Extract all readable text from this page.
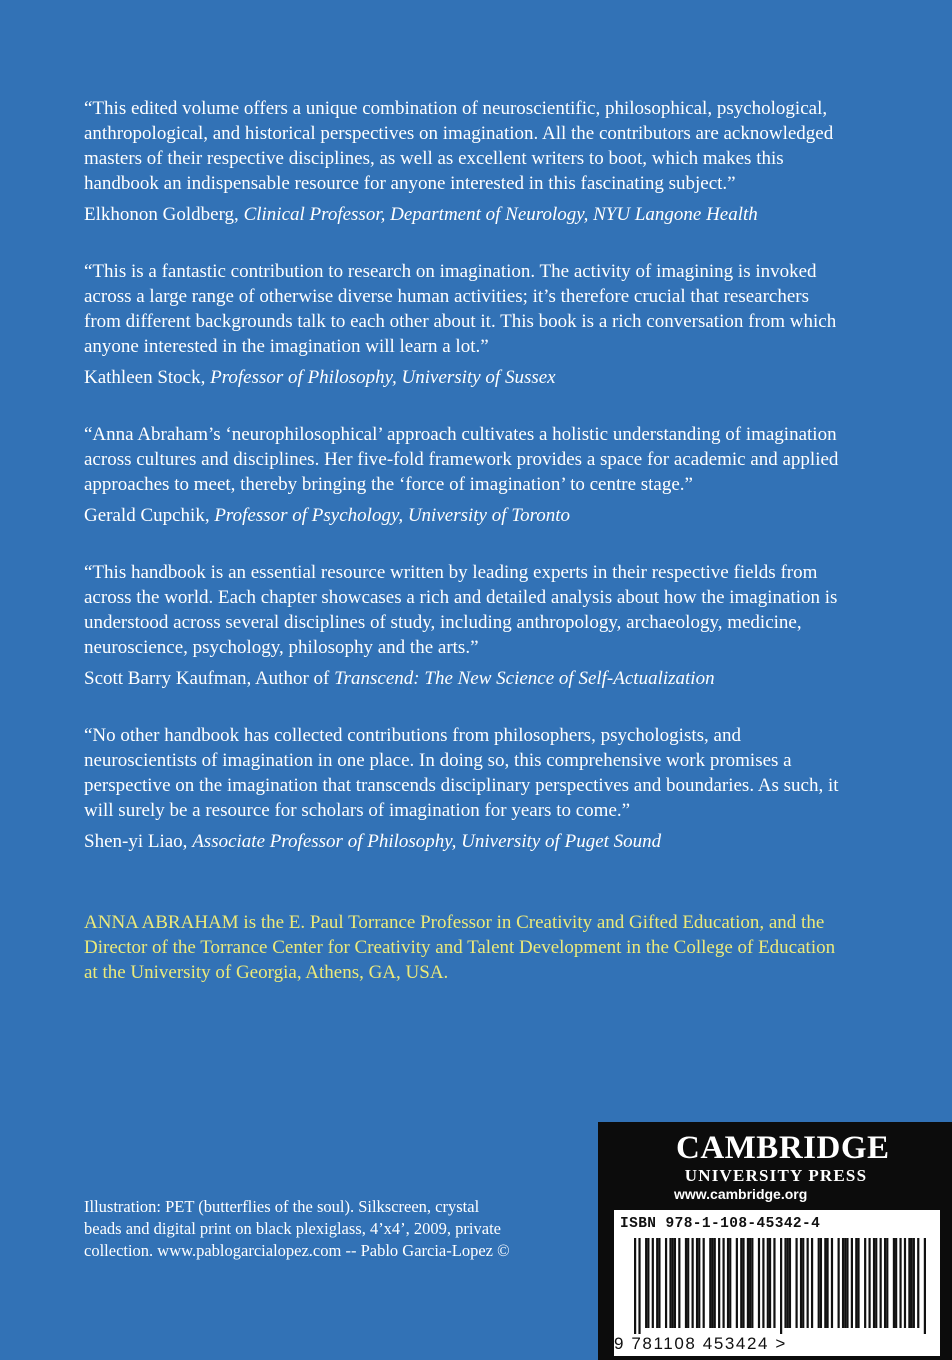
“This edited volume offers a unique combination of neuroscientific, philosophical, psychological, anthropological, and historical perspectives on imagination. All the contributors are acknowledged masters of their respective disciplines, as well as excellent writers to boot, which makes this handbook an indispensable resource for anyone interested in this fascinating subject.”

Elkhonon Goldberg, Clinical Professor, Department of Neurology, NYU Langone Health

“This is a fantastic contribution to research on imagination. The activity of imagining is invoked across a large range of otherwise diverse human activities; it’s therefore crucial that researchers from different backgrounds talk to each other about it. This book is a rich conversation from which anyone interested in the imagination will learn a lot.”

Kathleen Stock, Professor of Philosophy, University of Sussex

“Anna Abraham’s ‘neurophilosophical’ approach cultivates a holistic understanding of imagination across cultures and disciplines. Her five-fold framework provides a space for academic and applied approaches to meet, thereby bringing the ‘force of imagination’ to centre stage.”

Gerald Cupchik, Professor of Psychology, University of Toronto

“This handbook is an essential resource written by leading experts in their respective fields from across the world. Each chapter showcases a rich and detailed analysis about how the imagination is understood across several disciplines of study, including anthropology, archaeology, medicine, neuroscience, psychology, philosophy and the arts.”

Scott Barry Kaufman, Author of Transcend: The New Science of Self-Actualization

“No other handbook has collected contributions from philosophers, psychologists, and neuroscientists of imagination in one place. In doing so, this comprehensive work promises a perspective on the imagination that transcends disciplinary perspectives and boundaries. As such, it will surely be a resource for scholars of imagination for years to come.”

Shen-yi Liao, Associate Professor of Philosophy, University of Puget Sound

ANNA ABRAHAM is the E. Paul Torrance Professor in Creativity and Gifted Education, and the Director of the Torrance Center for Creativity and Talent Development in the College of Education at the University of Georgia, Athens, GA, USA.

Illustration: PET (butterflies of the soul). Silkscreen, crystal beads and digital print on black plexiglass, 4’x4’, 2009, private collection. www.pablogarcialopez.com -- Pablo Garcia-Lopez ©

CAMBRIDGE
UNIVERSITY PRESS
www.cambridge.org
ISBN 978-1-108-45342-4
9 781108 453424 >
